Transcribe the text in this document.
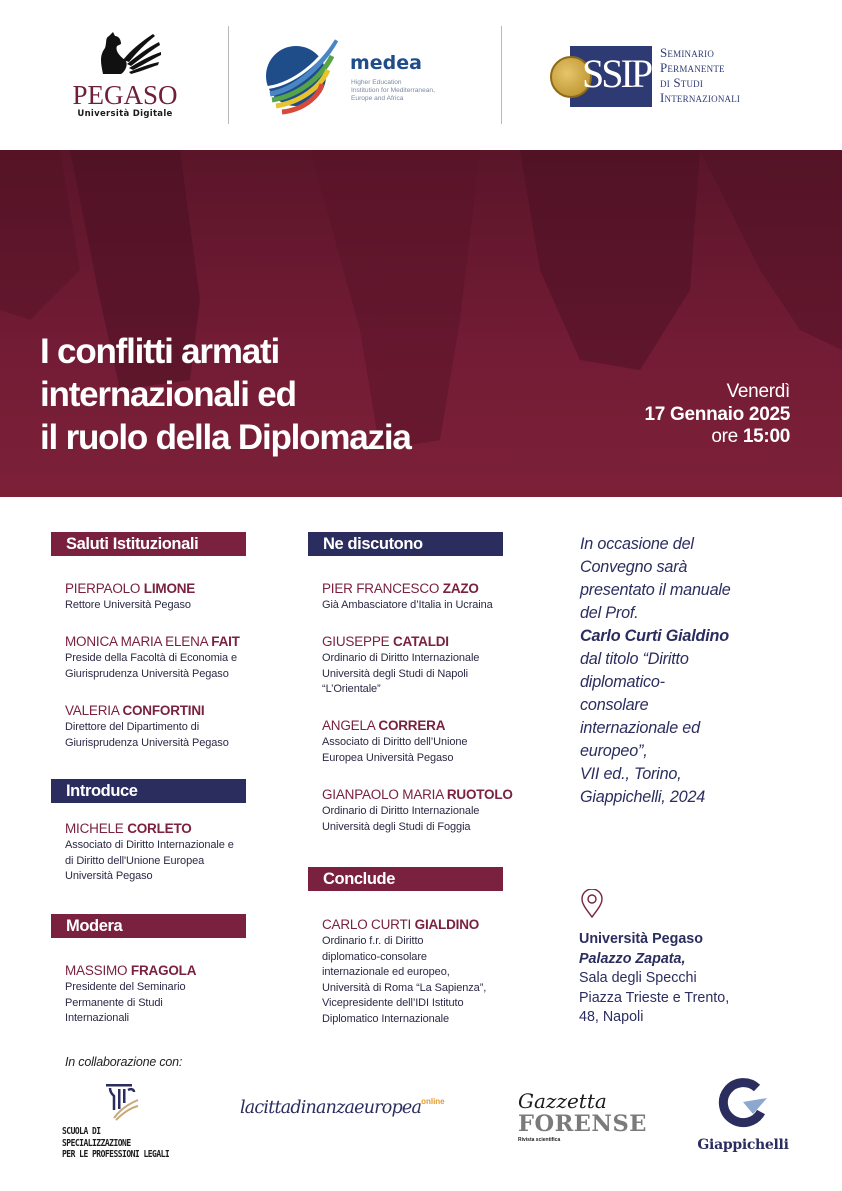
PEGASO
Università Digitale
medea
Higher Education
Institution for Mediterranean,
Europe and Africa
SSIP Seminario
Permanente
di Studi
Internazionali
I conflitti armati
internazionali ed
il ruolo della Diplomazia
Venerdì
17 Gennaio 2025
ore 15:00
Saluti Istituzionali
PIERPAOLO LIMONE
Rettore Università Pegaso
MONICA MARIA ELENA FAIT
Preside della Facoltà di Economia e
Giurisprudenza Università Pegaso
VALERIA CONFORTINI
Direttore del Dipartimento di
Giurisprudenza Università Pegaso
Introduce
MICHELE CORLETO
Associato di Diritto Internazionale e
di Diritto dell'Unione Europea
Università Pegaso
Modera
MASSIMO FRAGOLA
Presidente del Seminario
Permanente di Studi
Internazionali
Ne discutono
PIER FRANCESCO ZAZO
Già Ambasciatore d’Italia in Ucraina
GIUSEPPE CATALDI
Ordinario di Diritto Internazionale
Università degli Studi di Napoli
“L’Orientale”
ANGELA CORRERA
Associato di Diritto dell’Unione
Europea Università Pegaso
GIANPAOLO MARIA RUOTOLO
Ordinario di Diritto Internazionale
Università degli Studi di Foggia
Conclude
CARLO CURTI GIALDINO
Ordinario f.r. di Diritto
diplomatico-consolare
internazionale ed europeo,
Università di Roma “La Sapienza”,
Vicepresidente dell’IDI Istituto
Diplomatico Internazionale
In occasione del
Convegno sarà
presentato il manuale
del Prof.
Carlo Curti Gialdino
dal titolo “Diritto
diplomatico-
consolare
internazionale ed
europeo”,
VII ed., Torino,
Giappichelli, 2024
Università Pegaso
Palazzo Zapata,
Sala degli Specchi
Piazza Trieste e Trento,
48, Napoli
In collaborazione con:
SCUOLA DI SPECIALIZZAZIONE
PER LE PROFESSIONI LEGALI
lacittadinanzaeuropea$^{online}$	Gazzetta
FORENSE
Rivista scientifica	Giappichelli
